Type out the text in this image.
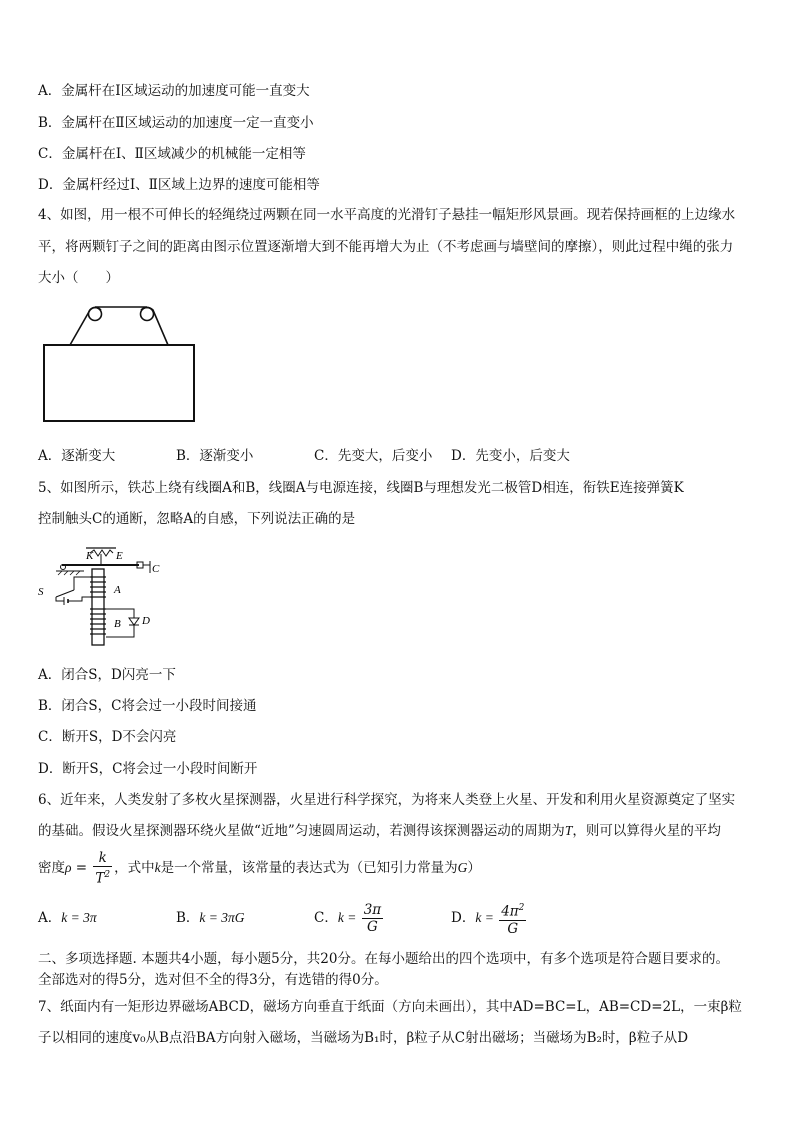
A．金属杆在Ⅰ区域运动的加速度可能一直变大
B．金属杆在Ⅱ区域运动的加速度一定一直变小
C．金属杆在Ⅰ、Ⅱ区域减少的机械能一定相等
D．金属杆经过Ⅰ、Ⅱ区域上边界的速度可能相等
4、如图，用一根不可伸长的轻绳绕过两颗在同一水平高度的光滑钉子悬挂一幅矩形风景画。现若保持画框的上边缘水
平，将两颗钉子之间的距离由图示位置逐渐增大到不能再增大为止（不考虑画与墙壁间的摩擦），则此过程中绳的张力
大小（　　）
A．逐渐变大	B．逐渐变小	C．先变大，后变小 D．先变小，后变大
5、如图所示，铁芯上绕有线圈A和B，线圈A与电源连接，线圈B与理想发光二极管D相连，衔铁E连接弹簧K
控制触头C的通断，忽略A的自感，下列说法正确的是
K E
C
A
B
S
D
A．闭合S，D闪亮一下
B．闭合S，C将会过一小段时间接通
C．断开S，D不会闪亮
D．断开S，C将会过一小段时间断开
6、近年来，人类发射了多枚火星探测器，火星进行科学探究，为将来人类登上火星、开发和利用火星资源奠定了坚实
的基础。假设火星探测器环绕火星做“近地”匀速圆周运动，若测得该探测器运动的周期为T，则可以算得火星的平均
密度$\rho = \frac{k}{T^2}$ ，式中k是一个常量，该常量的表达式为（已知引力常量为G）
A．k = 3π	B．k = 3πG	C．$k = \frac{3\pi}{G}$	D．$k = \frac{4\pi^2}{G}$
二、多项选择题. 本题共4小题，每小题5分，共20分。在每小题给出的四个选项中，有多个选项是符合题目要求的。
全部选对的得5分，选对但不全的得3分，有选错的得0分。
7、纸面内有一矩形边界磁场ABCD，磁场方向垂直于纸面（方向未画出），其中AD=BC=L，AB=CD=2L，一束β粒
子以相同的速度v₀从B点沿BA方向射入磁场，当磁场为B₁时，β粒子从C射出磁场；当磁场为B₂时，β粒子从D
